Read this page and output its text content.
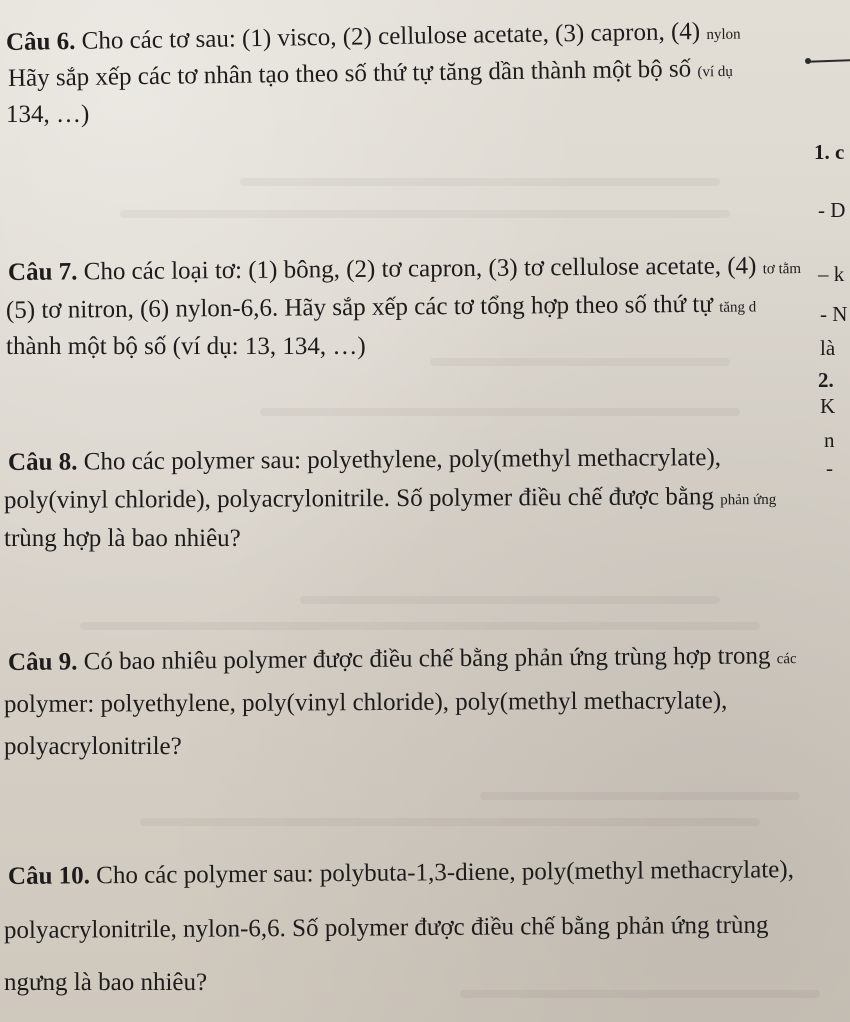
Câu 6. Cho các tơ sau: (1) visco, (2) cellulose acetate, (3) capron, (4) nylon
Hãy sắp xếp các tơ nhân tạo theo số thứ tự tăng dần thành một bộ số (ví dụ
134, …)
Câu 7. Cho các loại tơ: (1) bông, (2) tơ capron, (3) tơ cellulose acetate, (4) tơ tằm
(5) tơ nitron, (6) nylon-6,6. Hãy sắp xếp các tơ tổng hợp theo số thứ tự tăng d
thành một bộ số (ví dụ: 13, 134, …)
Câu 8. Cho các polymer sau: polyethylene, poly(methyl methacrylate),
poly(vinyl chloride), polyacrylonitrile. Số polymer điều chế được bằng phản ứng
trùng hợp là bao nhiêu?
Câu 9. Có bao nhiêu polymer được điều chế bằng phản ứng trùng hợp trong các
polymer: polyethylene, poly(vinyl chloride), poly(methyl methacrylate),
polyacrylonitrile?
Câu 10. Cho các polymer sau: polybuta-1,3-diene, poly(methyl methacrylate),
polyacrylonitrile, nylon-6,6. Số polymer được điều chế bằng phản ứng trùng
ngưng là bao nhiêu?
1. c
- D
– k
- N
là
2.
K
n
-
